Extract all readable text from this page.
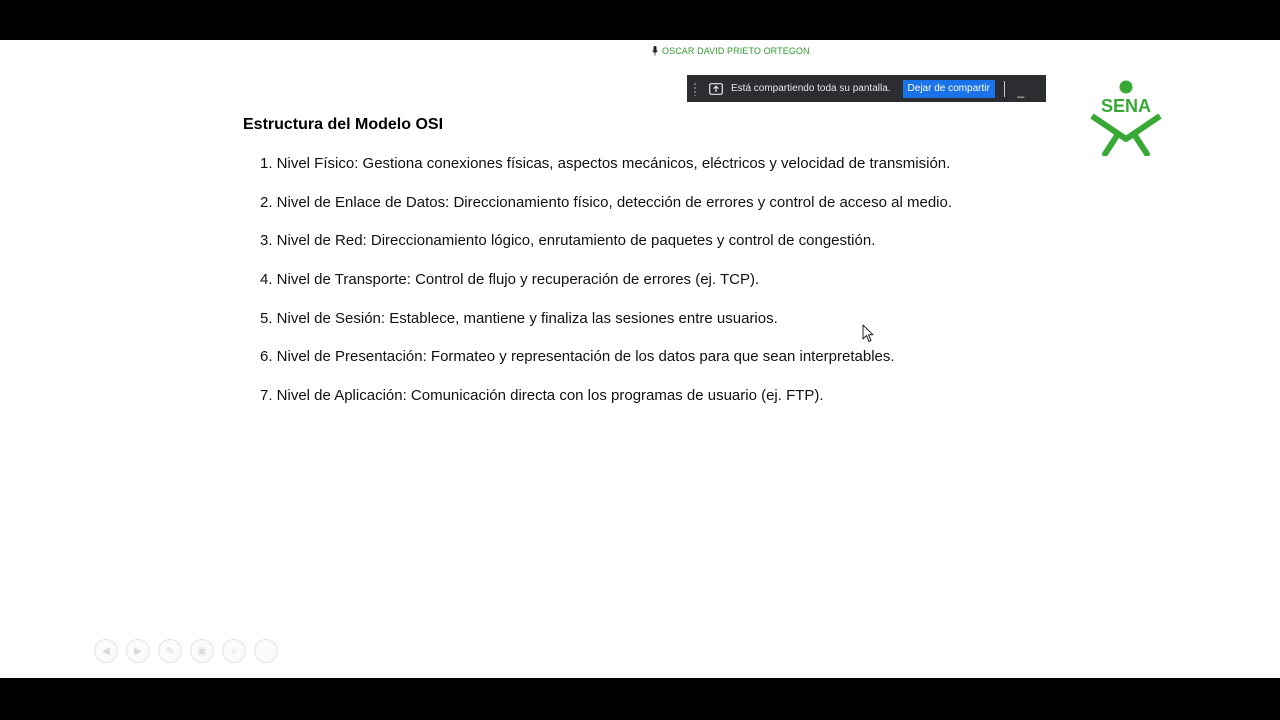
OSCAR DAVID PRIETO ORTEGON
Está compartiendo toda su pantalla.	Dejar de compartir	_
SENA
Estructura del Modelo OSI
1. Nivel Físico: Gestiona conexiones físicas, aspectos mecánicos, eléctricos y velocidad de transmisión.
2. Nivel de Enlace de Datos: Direccionamiento físico, detección de errores y control de acceso al medio.
3. Nivel de Red: Direccionamiento lógico, enrutamiento de paquetes y control de congestión.
4. Nivel de Transporte: Control de flujo y recuperación de errores (ej. TCP).
5. Nivel de Sesión: Establece, mantiene y finaliza las sesiones entre usuarios.
6. Nivel de Presentación: Formateo y representación de los datos para que sean interpretables.
7. Nivel de Aplicación: Comunicación directa con los programas de usuario (ej. FTP).
◀ ▶ ✎ ▣ ⌕ ⋯
